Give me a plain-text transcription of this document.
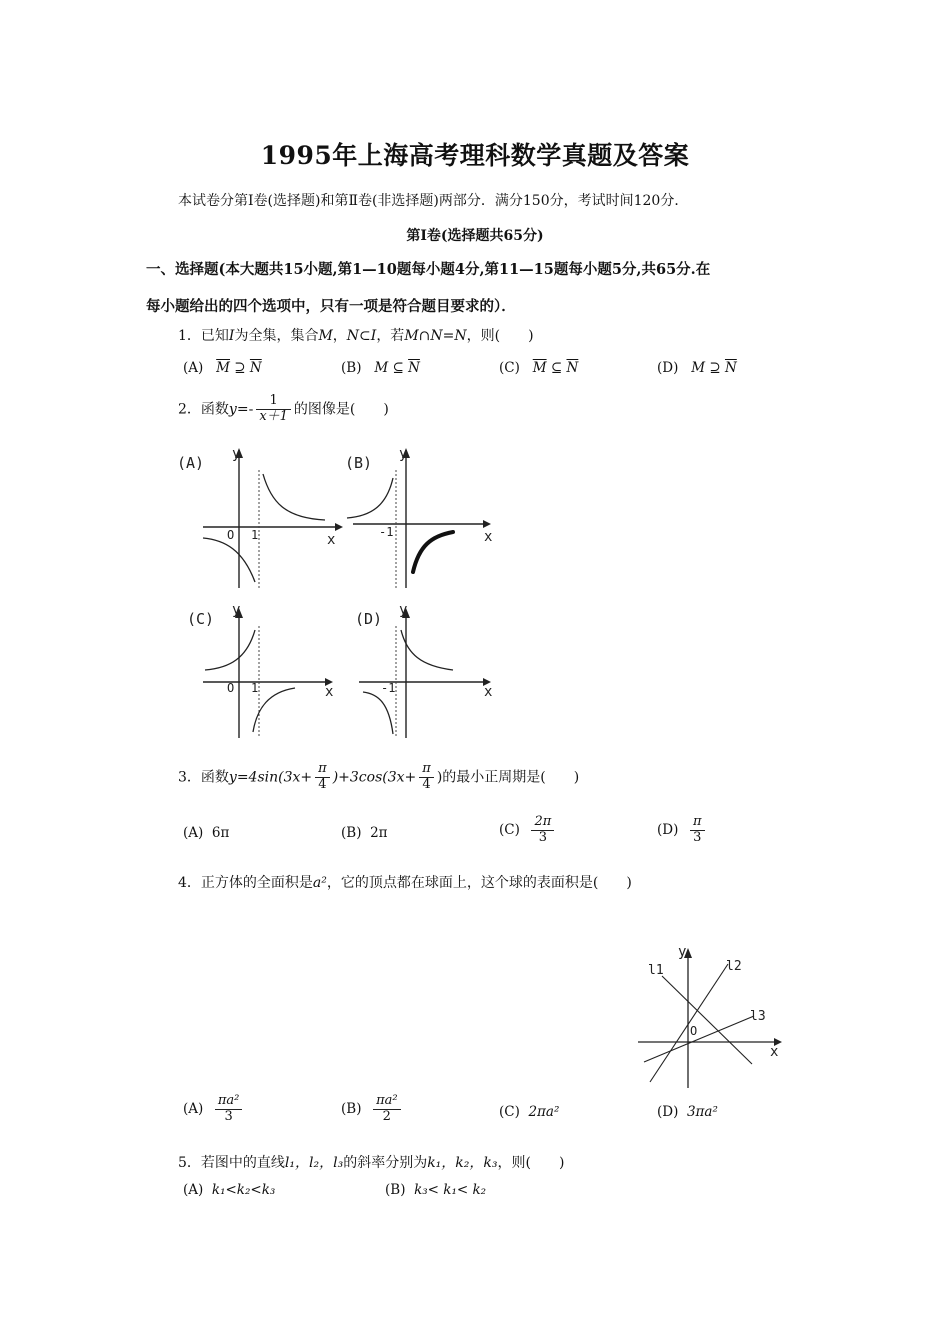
1995年上海高考理科数学真题及答案
本试卷分第Ⅰ卷(选择题)和第Ⅱ卷(非选择题)两部分．满分150分，考试时间120分．
第Ⅰ卷(选择题共65分)
一、选择题(本大题共15小题,第1—10题每小题4分,第11—15题每小题5分,共65分.在
每小题给出的四个选项中，只有一项是符合题目要求的）．
1．已知I为全集，集合M，N⊂I，若M∩N=N，则(　　)
(A) $\overline{M}$ ⊇ $\overline{N}$	(B) M ⊆ $\overline{N}$	(C) $\overline{M}$ ⊆ $\overline{N}$	(D) M ⊇ $\overline{N}$
2．函数$y=- \frac{1}{x+1}$ 的图像是(　　)
(A) y
x
O 1
(B) y
x
-1
(C) y
x
O 1
(D) y
x
-1
3．函数$y=4\sin(3x+ \frac{\pi}{4} )+3\cos(3x+ \frac{\pi}{4}$ )的最小正周期是(　　)
(A) 6π	(B) 2π	$(C) \frac{2\pi}{3}$	$(D) \frac{\pi}{3}$
4．正方体的全面积是a²，它的顶点都在球面上，这个球的表面积是(　　)
y
x
O
l1	l2
l3
$(A) \frac{\text{πa²}}{3}$	$(B) \frac{\text{πa²}}{2}$	(C) 2πa²	(D) 3πa²
5．若图中的直线l₁，l₂，l₃的斜率分别为k₁，k₂，k₃，则(　　)
(A) k₁<k₂<k₃	(B) k₃< k₁< k₂
